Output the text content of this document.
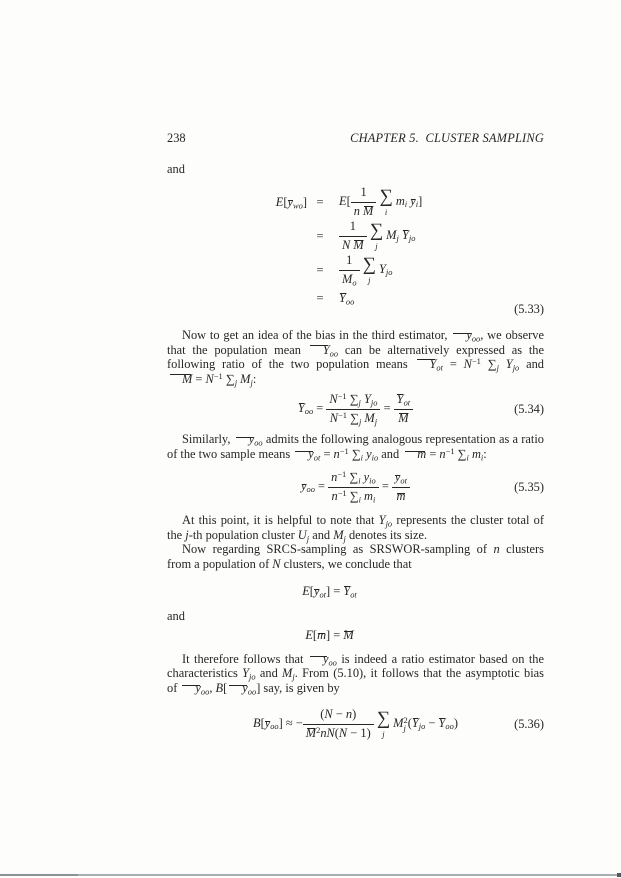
238	CHAPTER 5.  CLUSTER SAMPLING

and

$E[y_{wo}]$ =	$E[ \frac{1}{\text{n M}}$
∑
i
$m_i$ $y_i$]
=	$\frac{1}{\text{N M}}$
∑
j
$M_j$ $Y_{jo}$
=	$\frac{1}{M_o}$
∑
j
$Y_{jo}$
=	$Y_{oo}$
(5.33)

Now to get an idea of the bias in the third estimator, $y_{oo}$, we observe that the population mean $Y_{oo}$ can be alternatively expressed as the following ratio of the two population means $Y_{ot} = N^{-1}$ $\sum_j$ $Y_{jo}$ and $M = N^{-1}$ $\sum_j$ $M_j$:

$Y_{oo}$ =
$N^{-1}$ $\sum_j$ $Y_{jo}$
$N^{-1}$ $\sum_j$ $M_j$
=
$Y_{ot}$
M
(5.34)

Similarly, $y_{oo}$ admits the following analogous representation as a ratio of the two sample means $y_{ot} = n^{-1}$ $\sum_i$ $y_{io}$ and $m = n^{-1}$ $\sum_i$ $m_i$:

$y_{oo}$ =
$n^{-1}$ $\sum_i$ $y_{io}$
$n^{-1}$ $\sum_i$ $m_i$
=
$y_{ot}$
m
(5.35)

At this point, it is helpful to note that $Y_{jo}$ represents the cluster total of the j-th population cluster $U_j$ and $M_j$ denotes its size.

Now regarding SRCS-sampling as SRSWOR-sampling of n clusters from a population of N clusters, we conclude that

$E[y_{ot}] = Y_{ot}$

and

E[m] = M

It therefore follows that $y_{oo}$ is indeed a ratio estimator based on the characteristics $Y_{jo}$ and $M_j$. From (5.10), it follows that the asymptotic bias of $y_{oo}$, B[ $y_{oo}$] say, is given by

$B[y_{oo}]$ ≈ − $\frac{(N - n)}{M^2nN(N - 1)}$
∑
j
M 2
j $(Y_{jo} - Y_{oo})$	(5.36)
